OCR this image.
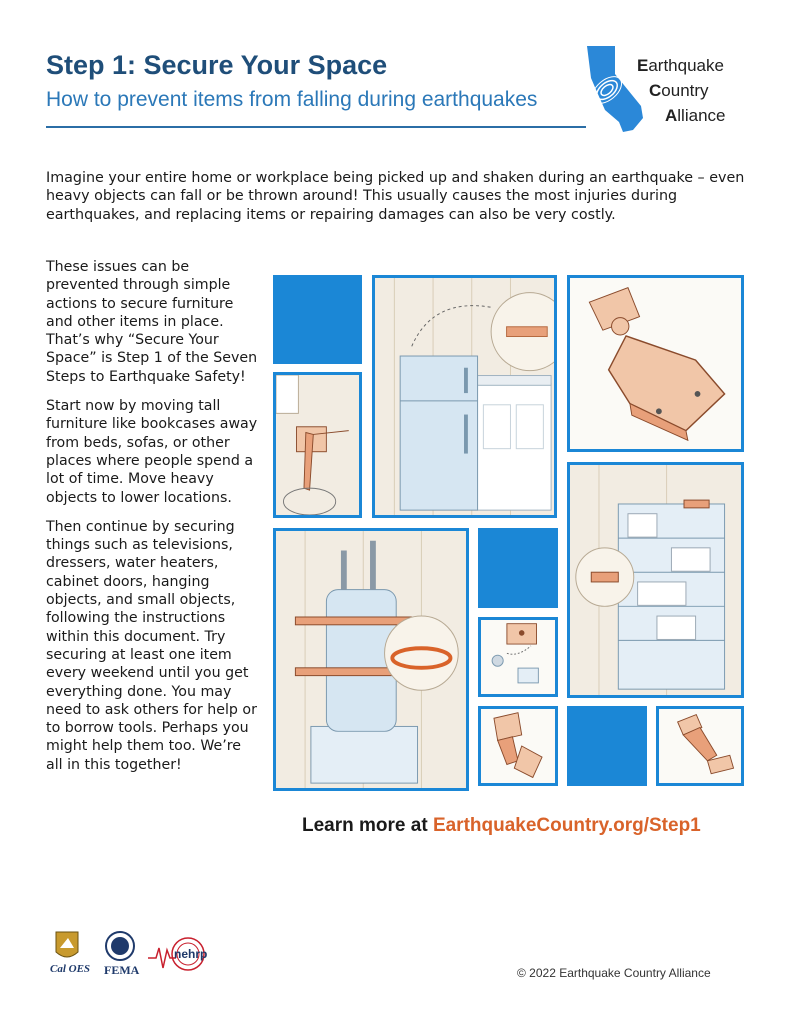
Step 1: Secure Your Space
How to prevent items from falling during earthquakes
Earthquake
Country
Alliance
Imagine your entire home or workplace being picked up and shaken during an earthquake – even heavy objects can fall or be thrown around! This usually causes the most injuries during earthquakes, and replacing items or repairing damages can also be very costly.

These issues can be prevented through simple actions to secure furniture and other items in place. That’s why “Secure Your Space” is Step 1 of the Seven Steps to Earthquake Safety!

Start now by moving tall furniture like bookcases away from beds, sofas, or other places where people spend a lot of time. Move heavy objects to lower locations.

Then continue by securing things such as televisions, dressers, water heaters, cabinet doors, hanging objects, and small objects, following the instructions within this document. Try securing at least one item every weekend until you get everything done. You may need to ask others for help or to borrow tools. Perhaps you might help them too. We’re all in this together!

Learn more at EarthquakeCountry.org/Step1
Cal OES FEMA
nehrp
© 2022 Earthquake Country Alliance
